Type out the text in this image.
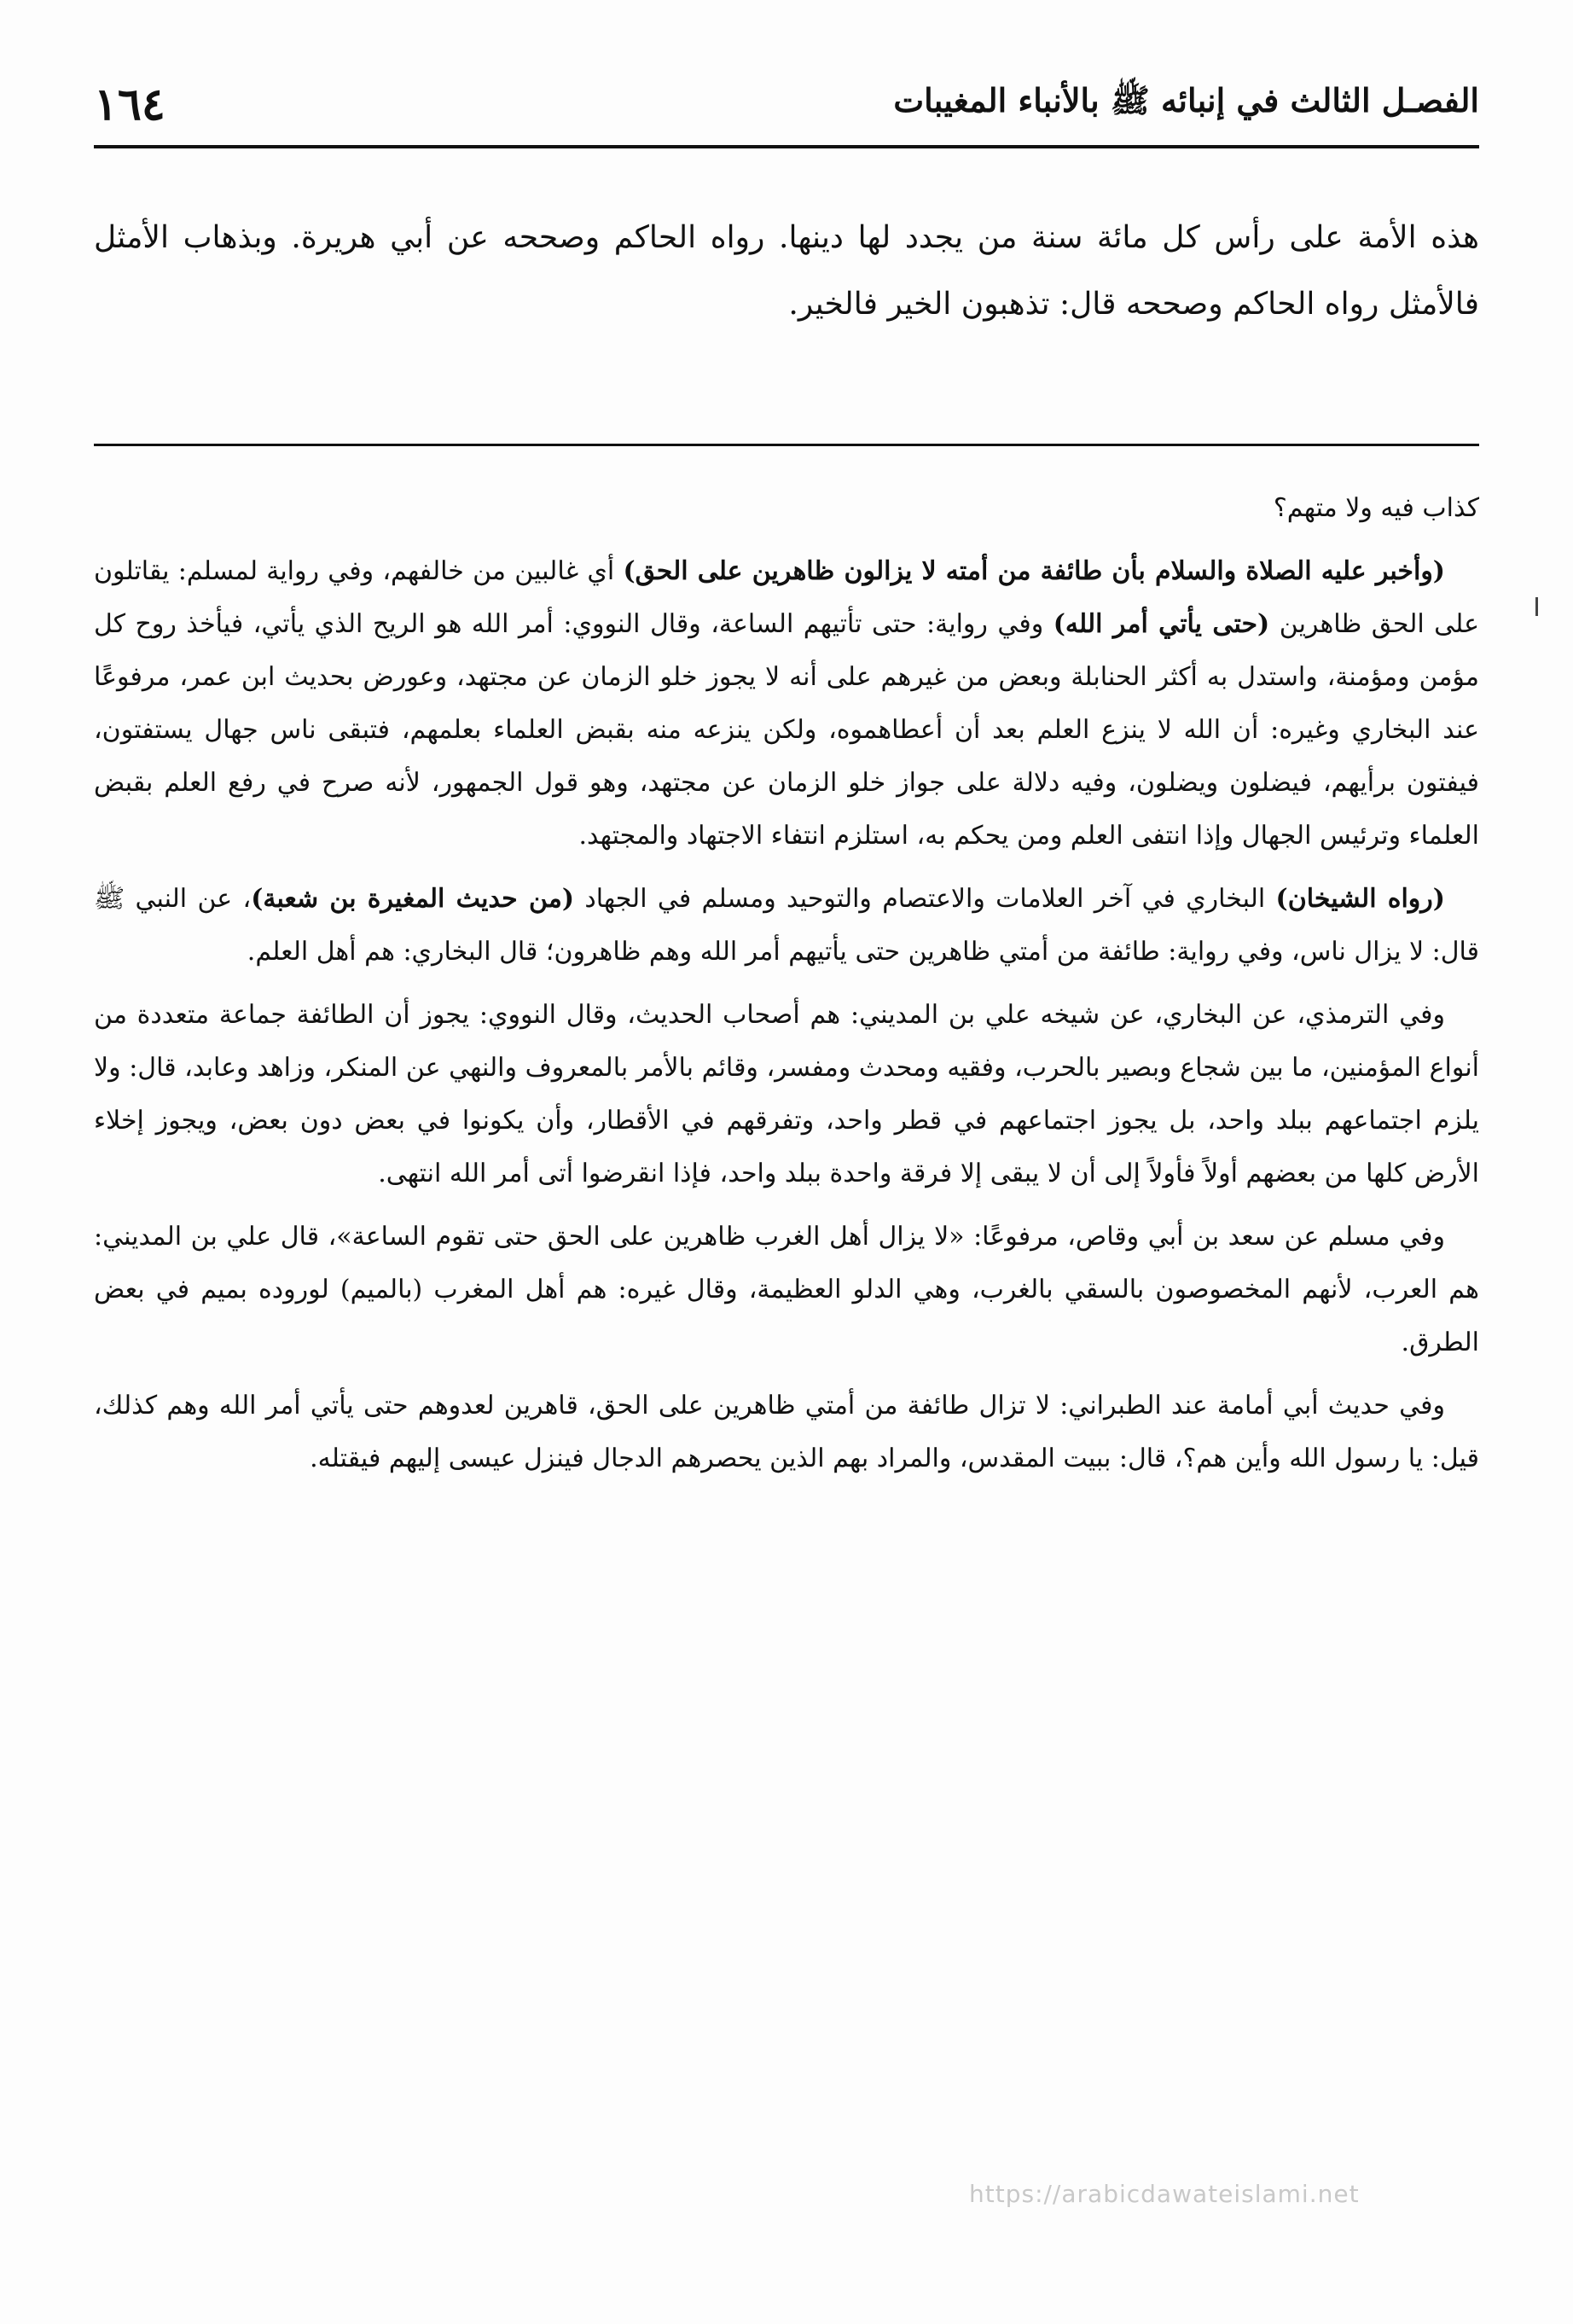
الفصـل الثالث في إنبائه ﷺ بالأنباء المغيبات
١٦٤
هذه الأمة على رأس كل مائة سنة من يجدد لها دينها. رواه الحاكم وصححه عن أبي هريرة. وبذهاب الأمثل فالأمثل رواه الحاكم وصححه قال: تذهبون الخير فالخير.

كذاب فيه ولا متهم؟

(وأخبر عليه الصلاة والسلام بأن طائفة من أمته لا يزالون ظاهرين على الحق) أي غالبين من خالفهم، وفي رواية لمسلم: يقاتلون على الحق ظاهرين (حتى يأتي أمر الله) وفي رواية: حتى تأتيهم الساعة، وقال النووي: أمر الله هو الريح الذي يأتي، فيأخذ روح كل مؤمن ومؤمنة، واستدل به أكثر الحنابلة وبعض من غيرهم على أنه لا يجوز خلو الزمان عن مجتهد، وعورض بحديث ابن عمر، مرفوعًا عند البخاري وغيره: أن الله لا ينزع العلم بعد أن أعطاهموه، ولكن ينزعه منه بقبض العلماء بعلمهم، فتبقى ناس جهال يستفتون، فيفتون برأيهم، فيضلون ويضلون، وفيه دلالة على جواز خلو الزمان عن مجتهد، وهو قول الجمهور، لأنه صرح في رفع العلم بقبض العلماء وترئيس الجهال وإذا انتفى العلم ومن يحكم به، استلزم انتفاء الاجتهاد والمجتهد.

(رواه الشيخان) البخاري في آخر العلامات والاعتصام والتوحيد ومسلم في الجهاد (من حديث المغيرة بن شعبة)، عن النبي ﷺ قال: لا يزال ناس، وفي رواية: طائفة من أمتي ظاهرين حتى يأتيهم أمر الله وهم ظاهرون؛ قال البخاري: هم أهل العلم.

وفي الترمذي، عن البخاري، عن شيخه علي بن المديني: هم أصحاب الحديث، وقال النووي: يجوز أن الطائفة جماعة متعددة من أنواع المؤمنين، ما بين شجاع وبصير بالحرب، وفقيه ومحدث ومفسر، وقائم بالأمر بالمعروف والنهي عن المنكر، وزاهد وعابد، قال: ولا يلزم اجتماعهم ببلد واحد، بل يجوز اجتماعهم في قطر واحد، وتفرقهم في الأقطار، وأن يكونوا في بعض دون بعض، ويجوز إخلاء الأرض كلها من بعضهم أولاً فأولاً إلى أن لا يبقى إلا فرقة واحدة ببلد واحد، فإذا انقرضوا أتى أمر الله انتهى.

وفي مسلم عن سعد بن أبي وقاص، مرفوعًا: «لا يزال أهل الغرب ظاهرين على الحق حتى تقوم الساعة»، قال علي بن المديني: هم العرب، لأنهم المخصوصون بالسقي بالغرب، وهي الدلو العظيمة، وقال غيره: هم أهل المغرب (بالميم) لوروده بميم في بعض الطرق.

وفي حديث أبي أمامة عند الطبراني: لا تزال طائفة من أمتي ظاهرين على الحق، قاهرين لعدوهم حتى يأتي أمر الله وهم كذلك، قيل: يا رسول الله وأين هم؟، قال: ببيت المقدس، والمراد بهم الذين يحصرهم الدجال فينزل عيسى إليهم فيقتله.

https://arabicdawateislami.net
